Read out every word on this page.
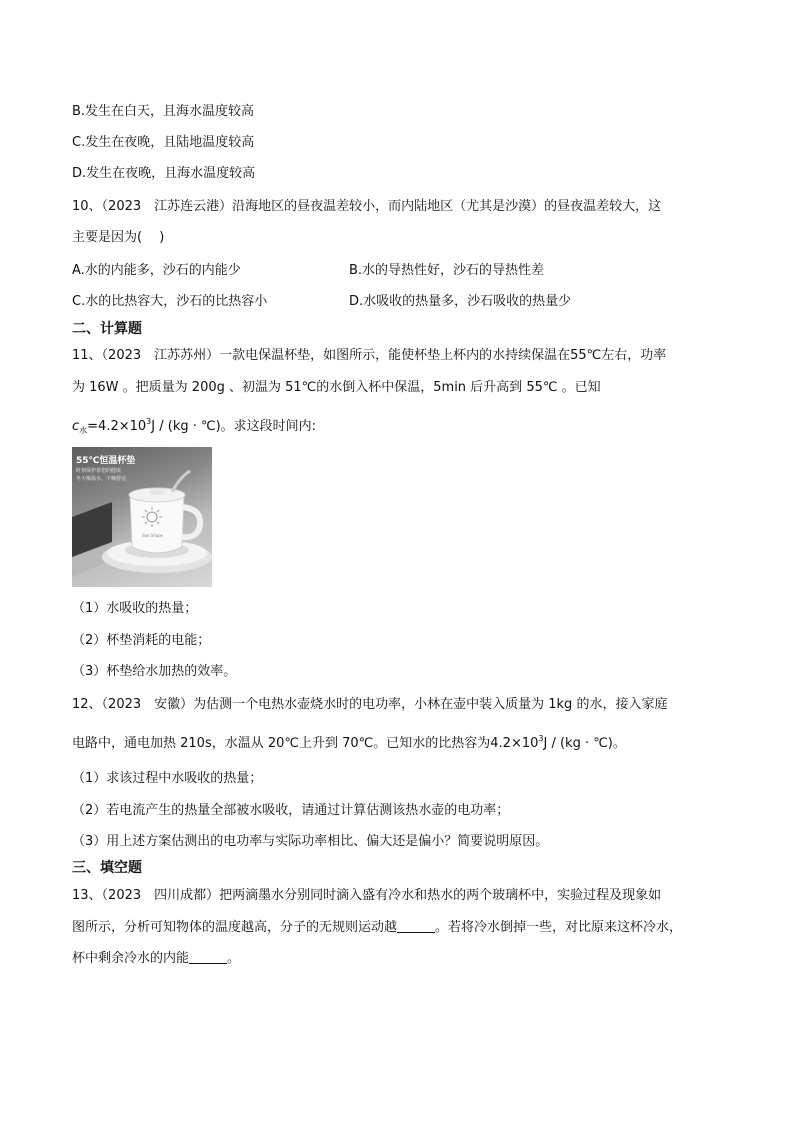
B.发生在白天，且海水温度较高
C.发生在夜晚，且陆地温度较高
D.发生在夜晚，且海水温度较高
10、（2023　江苏连云港）沿海地区的昼夜温差较小，而内陆地区（尤其是沙漠）的昼夜温差较大，这
主要是因为(　 )
A.水的内能多，沙石的内能少	B.水的导热性好，沙石的导热性差
C.水的比热容大，沙石的比热容小	D.水吸收的热量多，沙石吸收的热量少
二、计算题
11、（2023　江苏苏州）一款电保温杯垫，如图所示，能使杯垫上杯内的水持续保温在55℃左右，功率
为 16W 。把质量为 200g 、初温为 51℃的水倒入杯中保温，5min 后升高到 55℃ 。已知
$c_水=4.2\times 10^3J / (kg$ · ℃)。求这段时间内:
Sun Shape
55℃恒温杯垫
时刻保护着您的健康
冬天喝温水，干燥舒适
（1）水吸收的热量；
（2）杯垫消耗的电能；
（3）杯垫给水加热的效率。
12、（2023　安徽）为估测一个电热水壶烧水时的电功率，小林在壶中装入质量为 1kg 的水，接入家庭
电路中，通电加热 210s，水温从 20℃上升到 70℃。已知水的比热容为$4.2\times 10^3J / (kg$ · ℃)。
（1）求该过程中水吸收的热量；
（2）若电流产生的热量全部被水吸收，请通过计算估测该热水壶的电功率；
（3）用上述方案估测出的电功率与实际功率相比、偏大还是偏小？简要说明原因。
三、填空题
13、（2023　四川成都）把两滴墨水分别同时滴入盛有冷水和热水的两个玻璃杯中，实验过程及现象如
图所示，分析可知物体的温度越高，分子的无规则运动越	。若将冷水倒掉一些，对比原来这杯冷水，
杯中剩余冷水的内能	。
